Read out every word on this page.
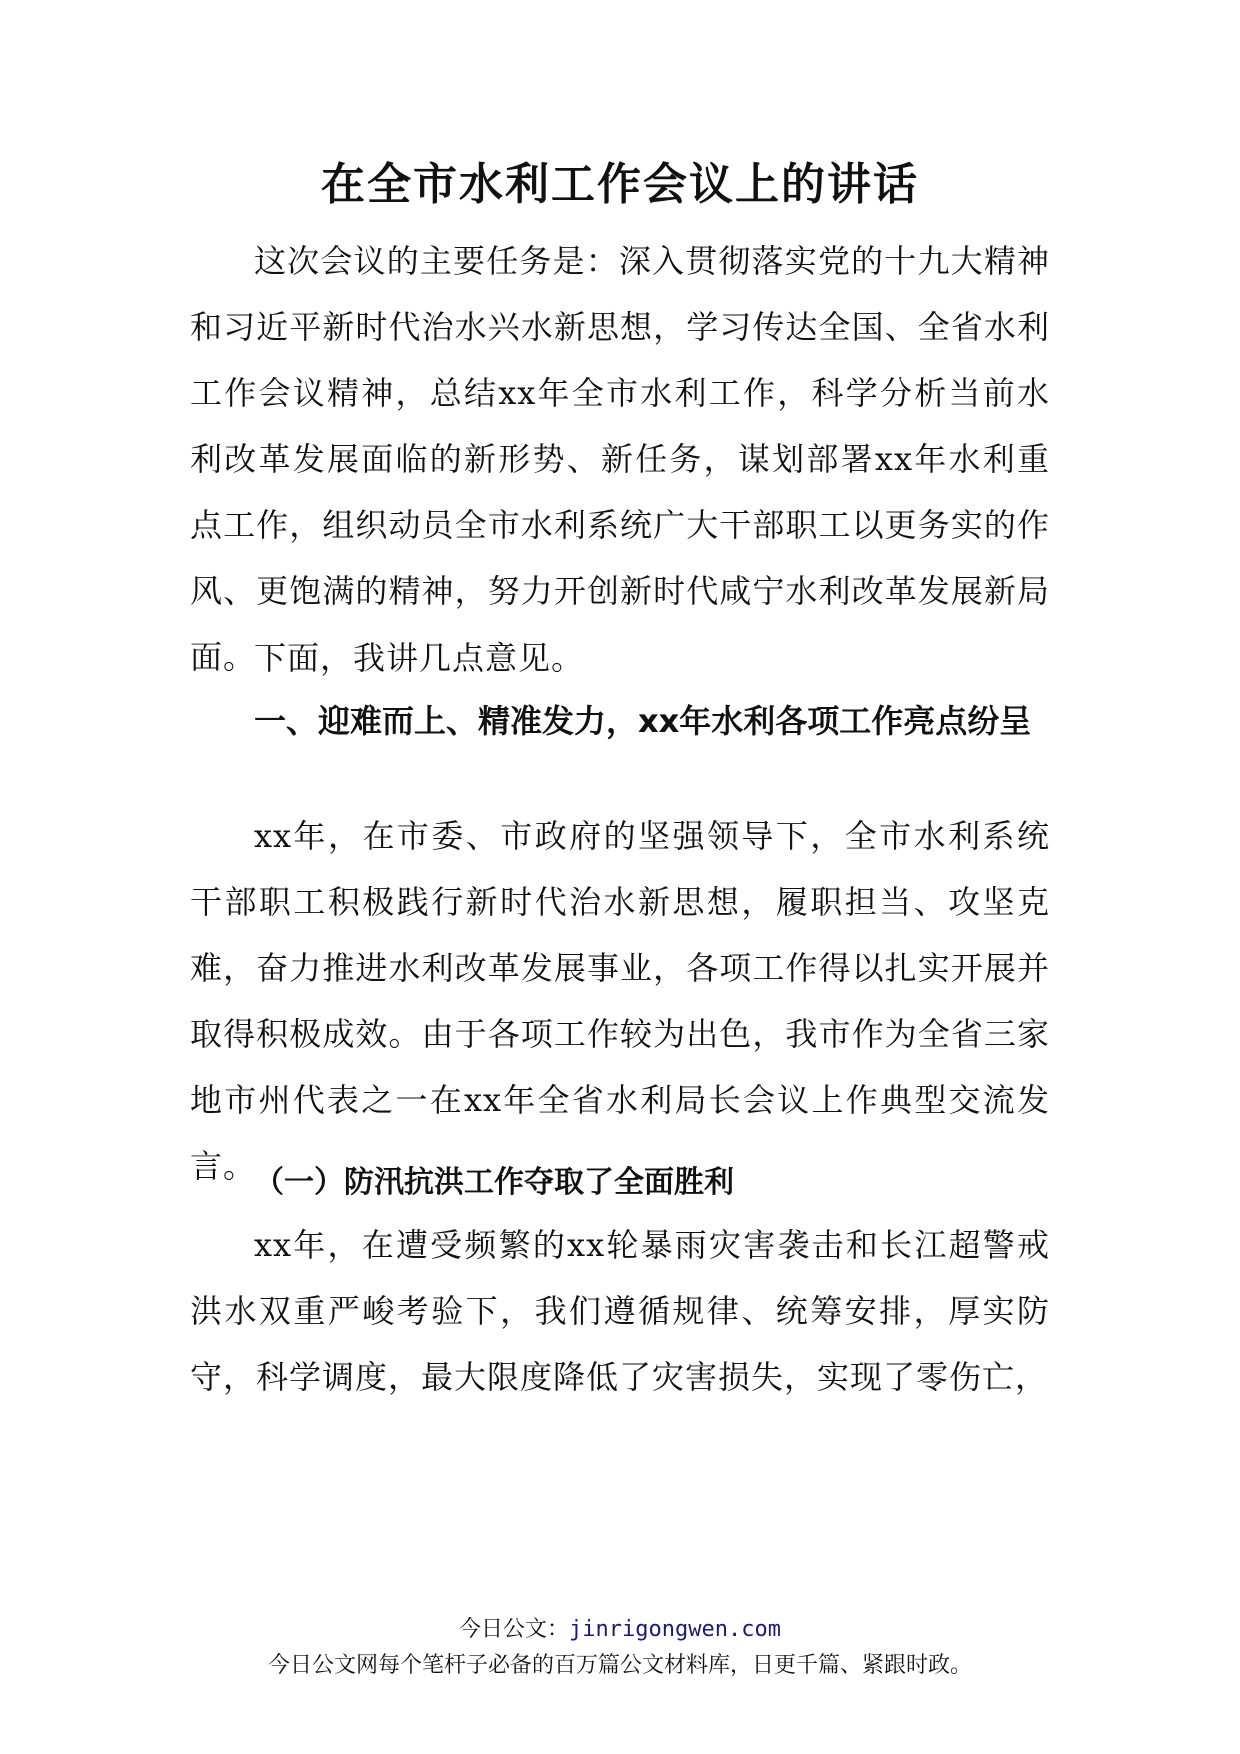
在全市水利工作会议上的讲话

这次会议的主要任务是：深入贯彻落实党的十九大精神和习近平新时代治水兴水新思想，学习传达全国、全省水利工作会议精神，总结xx年全市水利工作，科学分析当前水利改革发展面临的新形势、新任务，谋划部署xx年水利重点工作，组织动员全市水利系统广大干部职工以更务实的作风、更饱满的精神，努力开创新时代咸宁水利改革发展新局面。

下面，我讲几点意见。

一、迎难而上、精准发力，xx年水利各项工作亮点纷呈

xx年，在市委、市政府的坚强领导下，全市水利系统干部职工积极践行新时代治水新思想，履职担当、攻坚克难，奋力推进水利改革发展事业，各项工作得以扎实开展并取得积极成效。由于各项工作较为出色，我市作为全省三家地市州代表之一在xx年全省水利局长会议上作典型交流发言。

（一）防汛抗洪工作夺取了全面胜利

xx年，在遭受频繁的xx轮暴雨灾害袭击和长江超警戒洪水双重严峻考验下，我们遵循规律、统筹安排，厚实防守，科学调度，最大限度降低了灾害损失，实现了零伤亡，

今日公文：jinrigongwen.com
今日公文网每个笔杆子必备的百万篇公文材料库，日更千篇、紧跟时政。
